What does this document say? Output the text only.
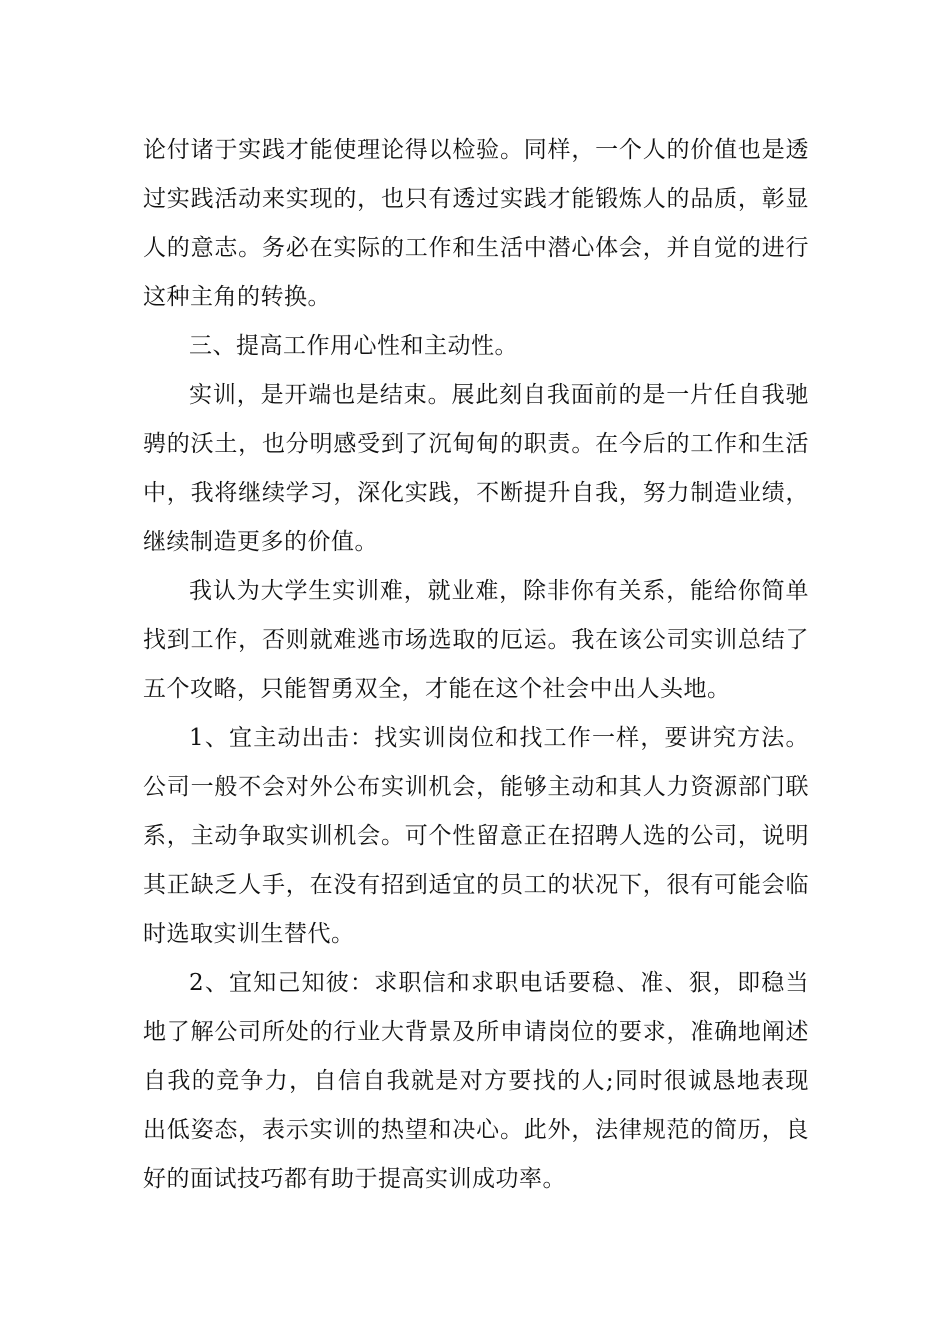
论付诸于实践才能使理论得以检验。同样，一个人的价值也是透过实践活动来实现的，也只有透过实践才能锻炼人的品质，彰显人的意志。务必在实际的工作和生活中潜心体会，并自觉的进行这种主角的转换。

三、提高工作用心性和主动性。

实训，是开端也是结束。展此刻自我面前的是一片任自我驰骋的沃土，也分明感受到了沉甸甸的职责。在今后的工作和生活中，我将继续学习，深化实践，不断提升自我，努力制造业绩，继续制造更多的价值。

我认为大学生实训难，就业难，除非你有关系，能给你简单找到工作，否则就难逃市场选取的厄运。我在该公司实训总结了五个攻略，只能智勇双全，才能在这个社会中出人头地。

1、宜主动出击：找实训岗位和找工作一样，要讲究方法。公司一般不会对外公布实训机会，能够主动和其人力资源部门联系，主动争取实训机会。可个性留意正在招聘人选的公司，说明其正缺乏人手，在没有招到适宜的员工的状况下，很有可能会临时选取实训生替代。

2、宜知己知彼：求职信和求职电话要稳、准、狠，即稳当地了解公司所处的行业大背景及所申请岗位的要求，准确地阐述自我的竞争力，自信自我就是对方要找的人;同时很诚恳地表现出低姿态，表示实训的热望和决心。此外，法律规范的简历，良好的面试技巧都有助于提高实训成功率。
